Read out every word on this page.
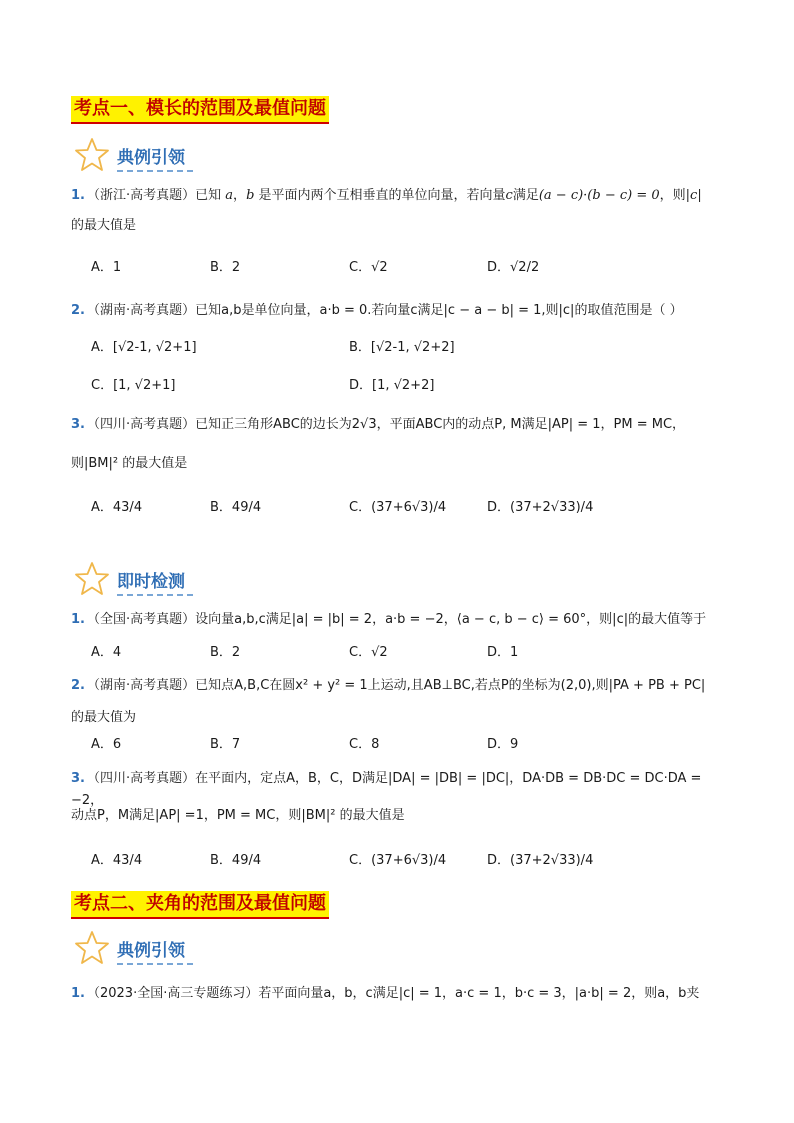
考点一、模长的范围及最值问题
典例引领
1. （浙江·高考真题）已知 a，b 是平面内两个互相垂直的单位向量，若向量c满足(a − c)·(b − c) = 0，则|c|
的最大值是
A．1	B．2	C．√2	D．√2/2
2. （湖南·高考真题）已知a,b是单位向量，a·b = 0.若向量c满足|c − a − b| = 1,则|c|的取值范围是（ ）
A．[√2-1, √2+1]	B．[√2-1, √2+2]
C．[1, √2+1]	D．[1, √2+2]
3. （四川·高考真题）已知正三角形ABC的边长为2√3，平面ABC内的动点P, M满足|AP| = 1，PM = MC，
则|BM|² 的最大值是
A．43/4	B．49/4	C．(37+6√3)/4	D．(37+2√33)/4
即时检测
1. （全国·高考真题）设向量a,b,c满足|a| = |b| = 2，a·b = −2，⟨a − c, b − c⟩ = 60°，则|c|的最大值等于
A．4	B．2	C．√2	D．1
2. （湖南·高考真题）已知点A,B,C在圆x² + y² = 1上运动,且AB⊥BC,若点P的坐标为(2,0),则|PA + PB + PC|
的最大值为
A．6	B．7	C．8	D．9
3. （四川·高考真题）在平面内，定点A，B，C，D满足|DA| = |DB| = |DC|，DA·DB = DB·DC = DC·DA = −2，
动点P，M满足|AP| =1，PM = MC，则|BM|² 的最大值是
A．43/4	B．49/4	C．(37+6√3)/4	D．(37+2√33)/4
考点二、夹角的范围及最值问题
典例引领
1. （2023·全国·高三专题练习）若平面向量a，b，c满足|c| = 1，a·c = 1，b·c = 3，|a·b| = 2，则a，b夹
